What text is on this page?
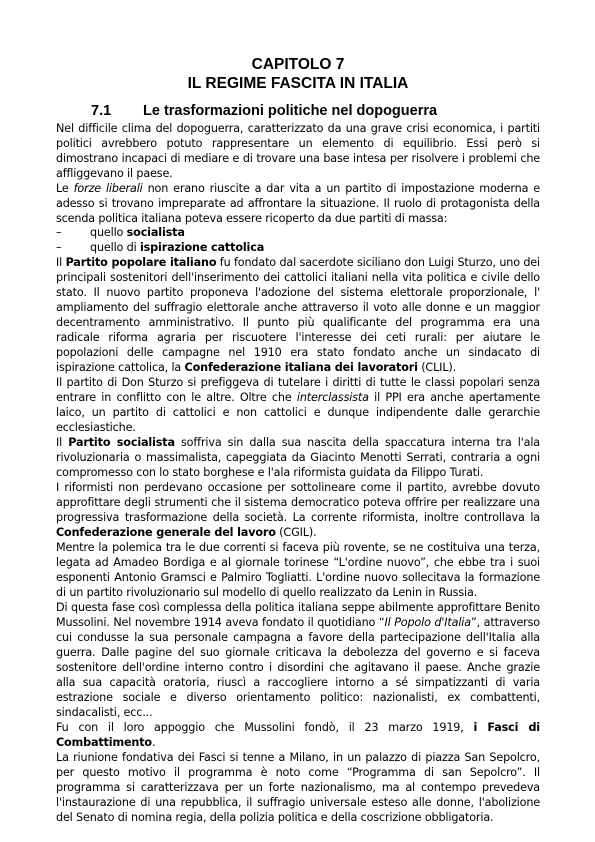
CAPITOLO 7
IL REGIME FASCITA IN ITALIA
7.1	Le trasformazioni politiche nel dopoguerra

Nel difficile clima del dopoguerra, caratterizzato da una grave crisi economica, i partiti politici avrebbero potuto rappresentare un elemento di equilibrio. Essi però si dimostrano incapaci di mediare e di trovare una base intesa per risolvere i problemi che affliggevano il paese.

Le forze liberali non erano riuscite a dar vita a un partito di impostazione moderna e adesso si trovano impreparate ad affrontare la situazione. Il ruolo di protagonista della scenda politica italiana poteva essere ricoperto da due partiti di massa:

–	quello socialista
–	quello di ispirazione cattolica

Il Partito popolare italiano fu fondato dal sacerdote siciliano don Luigi Sturzo, uno dei principali sostenitori dell'inserimento dei cattolici italiani nella vita politica e civile dello stato. Il nuovo partito proponeva l'adozione del sistema elettorale proporzionale, l' ampliamento del suffragio elettorale anche attraverso il voto alle donne e un maggior decentramento amministrativo. Il punto più qualificante del programma era una radicale riforma agraria per riscuotere l'interesse dei ceti rurali: per aiutare le popolazioni delle campagne nel 1910 era stato fondato anche un sindacato di ispirazione cattolica, la Confederazione italiana dei lavoratori (CLIL).

Il partito di Don Sturzo si prefiggeva di tutelare i diritti di tutte le classi popolari senza entrare in conflitto con le altre. Oltre che interclassista il PPI era anche apertamente laico, un partito di cattolici e non cattolici e dunque indipendente dalle gerarchie ecclesiastiche.

Il Partito socialista soffriva sin dalla sua nascita della spaccatura interna tra l'ala rivoluzionaria o massimalista, capeggiata da Giacinto Menotti Serrati, contraria a ogni compromesso con lo stato borghese e l'ala riformista guidata da Filippo Turati.

I riformisti non perdevano occasione per sottolineare come il partito, avrebbe dovuto approfittare degli strumenti che il sistema democratico poteva offrire per realizzare una progressiva trasformazione della società. La corrente riformista, inoltre controllava la Confederazione generale del lavoro (CGIL).

Mentre la polemica tra le due correnti si faceva più rovente, se ne costituiva una terza, legata ad Amadeo Bordiga e al giornale torinese “L'ordine nuovo”, che ebbe tra i suoi esponenti Antonio Gramsci e Palmiro Togliatti. L'ordine nuovo sollecitava la formazione di un partito rivoluzionario sul modello di quello realizzato da Lenin in Russia.

Di questa fase così complessa della politica italiana seppe abilmente approfittare Benito Mussolini. Nel novembre 1914 aveva fondato il quotidiano “Il Popolo d'Italia”, attraverso cui condusse la sua personale campagna a favore della partecipazione dell'Italia alla guerra. Dalle pagine del suo giornale criticava la debolezza del governo e si faceva sostenitore dell'ordine interno contro i disordini che agitavano il paese. Anche grazie alla sua capacità oratoria, riuscì a raccogliere intorno a sé simpatizzanti di varia estrazione sociale e diverso orientamento politico: nazionalisti, ex combattenti, sindacalisti, ecc...

Fu con il loro appoggio che Mussolini fondò, il 23 marzo 1919, i Fasci di Combattimento.

La riunione fondativa dei Fasci si tenne a Milano, in un palazzo di piazza San Sepolcro, per questo motivo il programma è noto come “Programma di san Sepolcro”. Il programma si caratterizzava per un forte nazionalismo, ma al contempo prevedeva l'instaurazione di una repubblica, il suffragio universale esteso alle donne, l'abolizione del Senato di nomina regia, della polizia politica e della coscrizione obbligatoria.
